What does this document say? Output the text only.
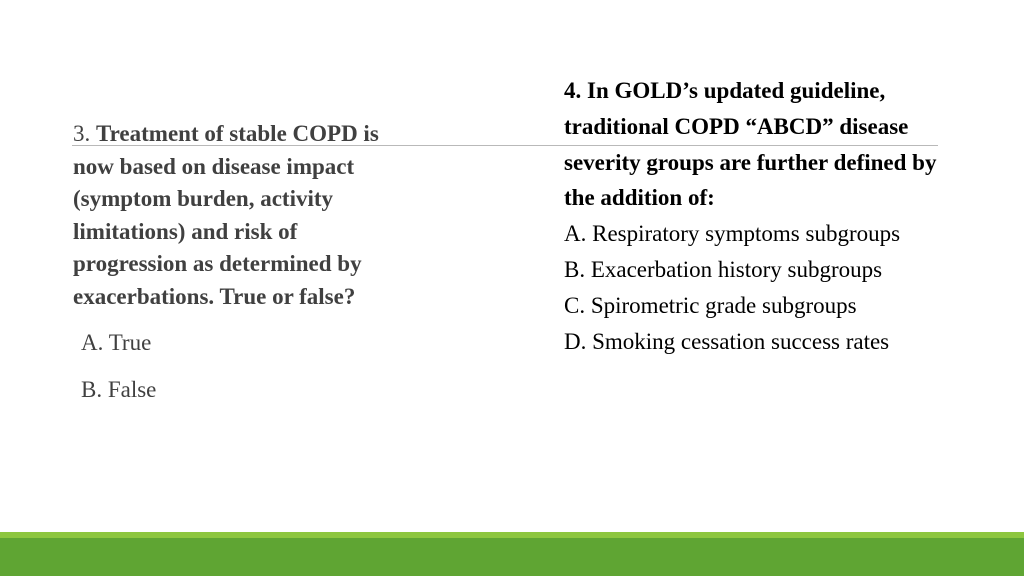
3. Treatment of stable COPD is now based on disease impact (symptom burden, activity limitations) and risk of progression as determined by exacerbations. True or false?
A. True
B. False
4. In GOLD’s updated guideline, traditional COPD “ABCD” disease severity groups are further defined by the addition of:
A. Respiratory symptoms subgroups
B. Exacerbation history subgroups
C. Spirometric grade subgroups
D. Smoking cessation success rates
